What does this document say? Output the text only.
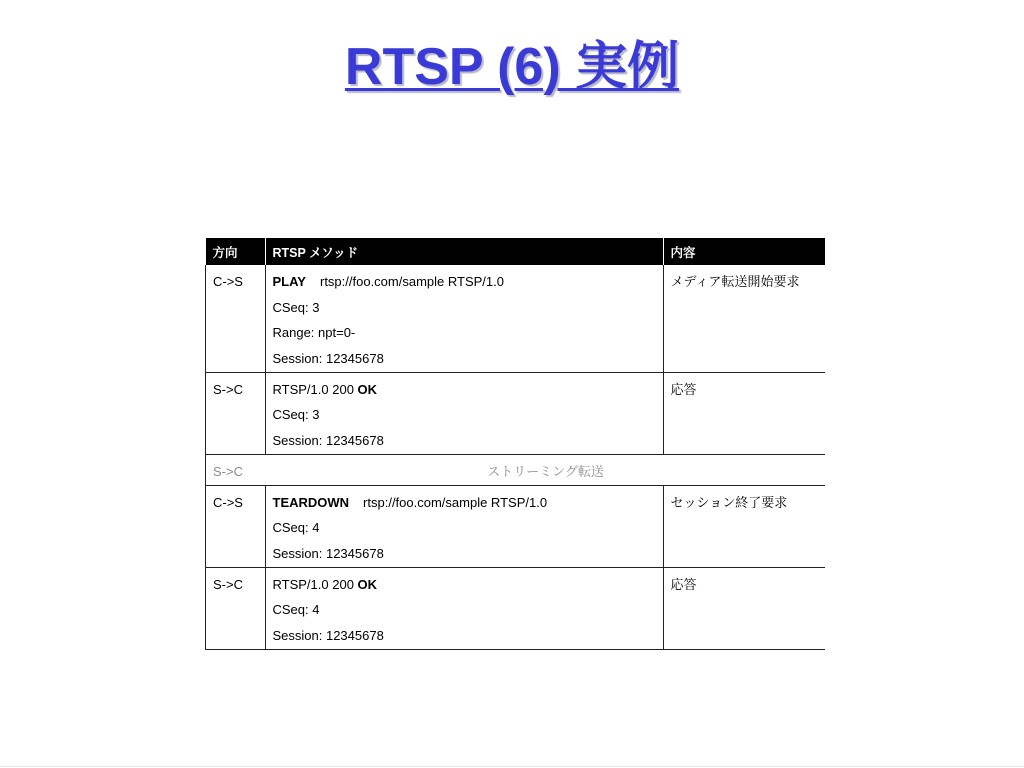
RTSP (6) 実例
方向	RTSP メソッド	内容
C->S	PLAY rtsp://foo.com/sample RTSP/1.0
CSeq: 3
Range: npt=0-
Session: 12345678	メディア転送開始要求
S->C	RTSP/1.0 200 OK
CSeq: 3
Session: 12345678	応答
S->C	ストリーミング転送	
C->S	TEARDOWN rtsp://foo.com/sample RTSP/1.0
CSeq: 4
Session: 12345678	セッション終了要求
S->C	RTSP/1.0 200 OK
CSeq: 4
Session: 12345678	応答
